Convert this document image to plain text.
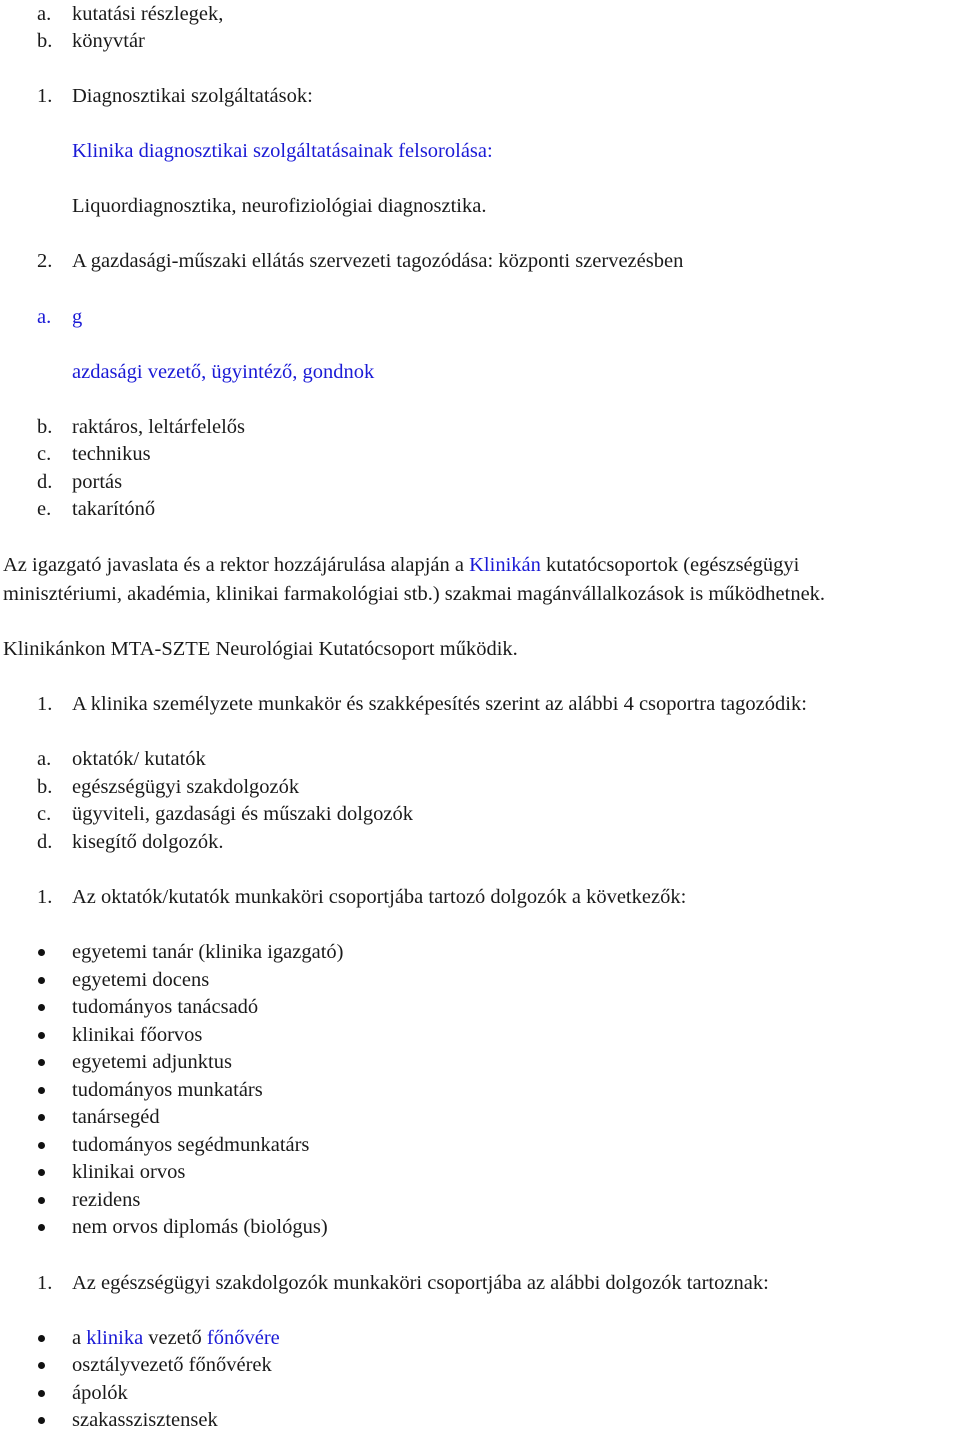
a. kutatási részlegek,
b. könyvtár
1. Diagnosztikai szolgáltatások:
Klinika diagnosztikai szolgáltatásainak felsorolása:
Liquordiagnosztika, neurofiziológiai diagnosztika.
2. A gazdasági-műszaki ellátás szervezeti tagozódása: központi szervezésben
a. g
azdasági vezető, ügyintéző, gondnok
b. raktáros, leltárfelelős
c. technikus
d. portás
e. takarítónő
Az igazgató javaslata és a rektor hozzájárulása alapján a Klinikán kutatócsoportok (egészségügyi
minisztériumi, akadémia, klinikai farmakológiai stb.) szakmai magánvállalkozások is működhetnek.
Klinikánkon MTA-SZTE Neurológiai Kutatócsoport működik.
1. A klinika személyzete munkakör és szakképesítés szerint az alábbi 4 csoportra tagozódik:
a. oktatók/ kutatók
b. egészségügyi szakdolgozók
c. ügyviteli, gazdasági és műszaki dolgozók
d. kisegítő dolgozók.
1. Az oktatók/kutatók munkaköri csoportjába tartozó dolgozók a következők:
egyetemi tanár (klinika igazgató)
egyetemi docens
tudományos tanácsadó
klinikai főorvos
egyetemi adjunktus
tudományos munkatárs
tanársegéd
tudományos segédmunkatárs
klinikai orvos
rezidens
nem orvos diplomás (biológus)
1. Az egészségügyi szakdolgozók munkaköri csoportjába az alábbi dolgozók tartoznak:
a klinika vezető főnővére
osztályvezető főnővérek
ápolók
szakasszisztensek
